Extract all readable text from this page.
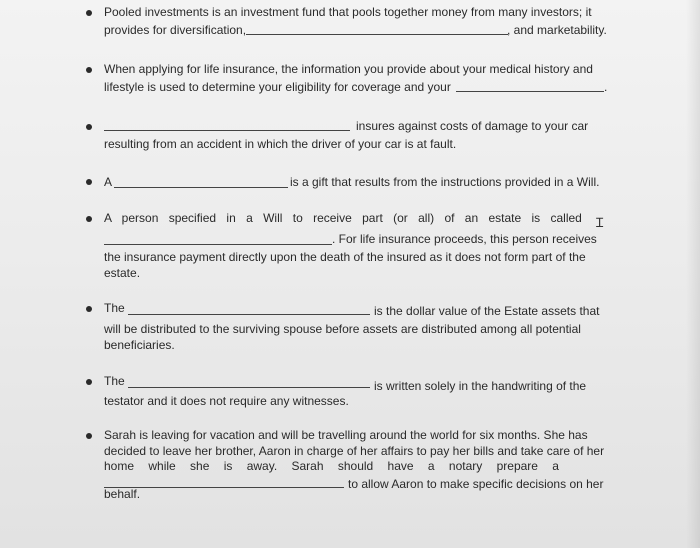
Pooled investments is an investment fund that pools together money from many investors; it
provides for diversification,	, and marketability.
When applying for life insurance, the information you provide about your medical history and
lifestyle is used to determine your eligibility for coverage and your	.
insures against costs of damage to your car
resulting from an accident in which the driver of your car is at fault.
A	is a gift that results from the instructions provided in a Will.
A person specified in a Will to receive part (or all) of an estate is called Ɪ
. For life insurance proceeds, this person receives
the insurance payment directly upon the death of the insured as it does not form part of the
estate.
The	is the dollar value of the Estate assets that
will be distributed to the surviving spouse before assets are distributed among all potential
beneficiaries.
The	is written solely in the handwriting of the
testator and it does not require any witnesses.
Sarah is leaving for vacation and will be travelling around the world for six months. She has
decided to leave her brother, Aaron in charge of her affairs to pay her bills and take care of her
home while she is away. Sarah should have a notary prepare a
to allow Aaron to make specific decisions on her
behalf.
